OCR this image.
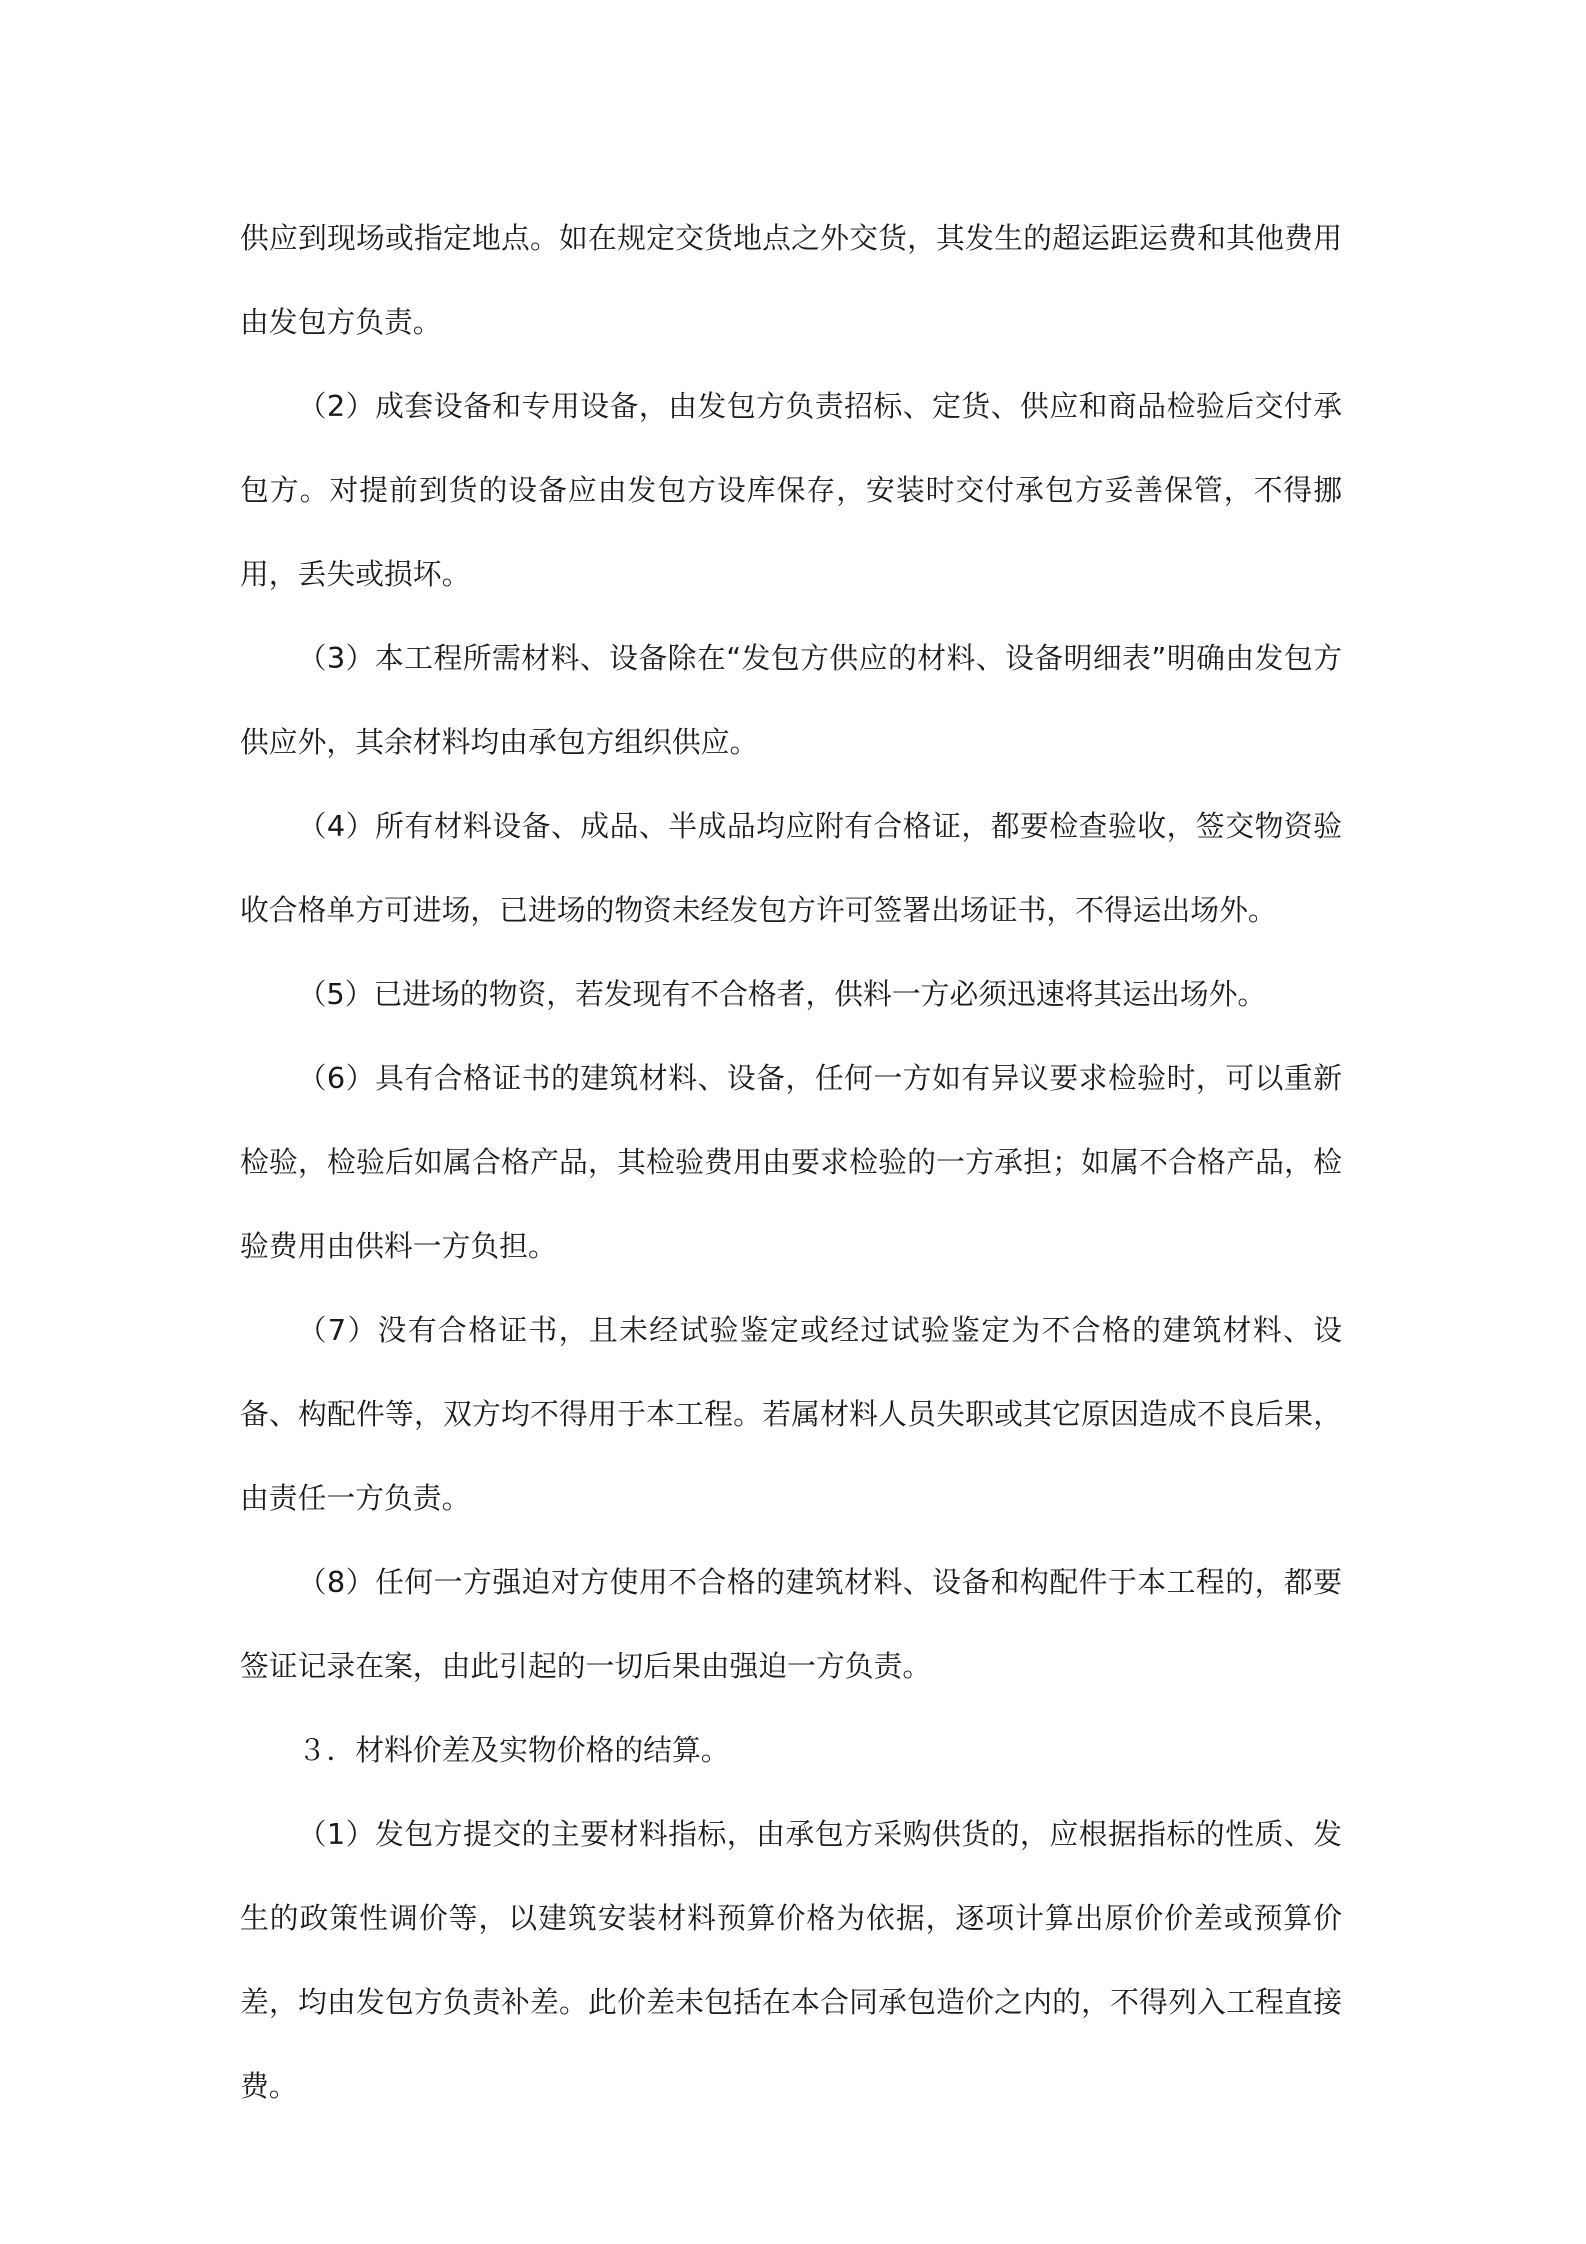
供应到现场或指定地点。如在规定交货地点之外交货，其发生的超运距运费和其他费用由发包方负责。

（2）成套设备和专用设备，由发包方负责招标、定货、供应和商品检验后交付承包方。对提前到货的设备应由发包方设库保存，安装时交付承包方妥善保管，不得挪用，丢失或损坏。

（3）本工程所需材料、设备除在“发包方供应的材料、设备明细表”明确由发包方供应外，其余材料均由承包方组织供应。

（4）所有材料设备、成品、半成品均应附有合格证，都要检查验收，签交物资验收合格单方可进场，已进场的物资未经发包方许可签署出场证书，不得运出场外。

（5）已进场的物资，若发现有不合格者，供料一方必须迅速将其运出场外。

（6）具有合格证书的建筑材料、设备，任何一方如有异议要求检验时，可以重新检验，检验后如属合格产品，其检验费用由要求检验的一方承担；如属不合格产品，检验费用由供料一方负担。

（7）没有合格证书，且未经试验鉴定或经过试验鉴定为不合格的建筑材料、设备、构配件等，双方均不得用于本工程。若属材料人员失职或其它原因造成不良后果，由责任一方负责。

（8）任何一方强迫对方使用不合格的建筑材料、设备和构配件于本工程的，都要签证记录在案，由此引起的一切后果由强迫一方负责。

３．材料价差及实物价格的结算。

（1）发包方提交的主要材料指标，由承包方采购供货的，应根据指标的性质、发生的政策性调价等，以建筑安装材料预算价格为依据，逐项计算出原价价差或预算价差，均由发包方负责补差。此价差未包括在本合同承包造价之内的，不得列入工程直接费。
